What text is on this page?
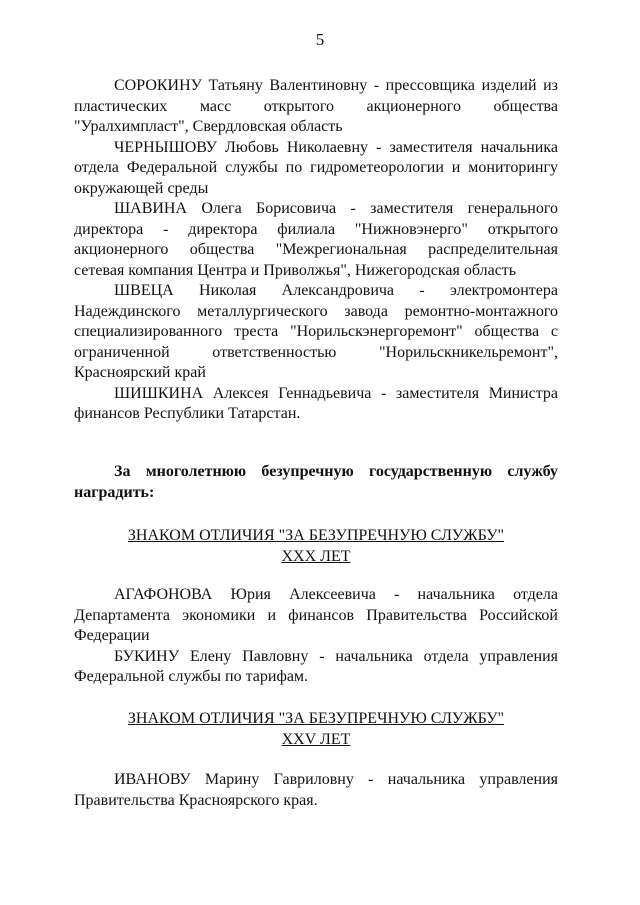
5

СОРОКИНУ Татьяну Валентиновну - прессовщика изделий из пластических масс открытого акционерного общества "Уралхимпласт", Свердловская область

ЧЕРНЫШОВУ Любовь Николаевну - заместителя начальника отдела Федеральной службы по гидрометеорологии и мониторингу окружающей среды

ШАВИНА Олега Борисовича - заместителя генерального директора - директора филиала "Нижновэнерго" открытого акционерного общества "Межрегиональная распределительная сетевая компания Центра и Приволжья", Нижегородская область

ШВЕЦА Николая Александровича - электромонтера Надеждинского металлургического завода ремонтно-монтажного специализированного треста "Норильскэнергоремонт" общества с ограниченной ответственностью "Норильскникельремонт", Красноярский край

ШИШКИНА Алексея Геннадьевича - заместителя Министра финансов Республики Татарстан.

За многолетнюю безупречную государственную службу наградить:

ЗНАКОМ ОТЛИЧИЯ "ЗА БЕЗУПРЕЧНУЮ СЛУЖБУ"

XXX ЛЕТ

АГАФОНОВА Юрия Алексеевича - начальника отдела Департамента экономики и финансов Правительства Российской Федерации

БУКИНУ Елену Павловну - начальника отдела управления Федеральной службы по тарифам.

ЗНАКОМ ОТЛИЧИЯ "ЗА БЕЗУПРЕЧНУЮ СЛУЖБУ"

XXV ЛЕТ

ИВАНОВУ Марину Гавриловну - начальника управления Правительства Красноярского края.
